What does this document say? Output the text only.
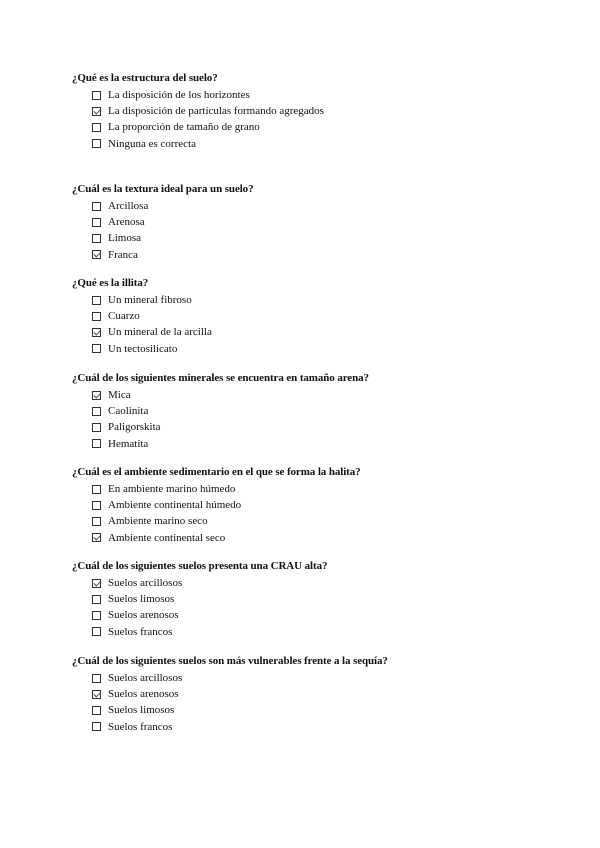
¿Qué es la estructura del suelo?

La disposición de los horizontes
La disposición de partículas formando agregados
La proporción de tamaño de grano
Ninguna es correcta

¿Cuál es la textura ideal para un suelo?

Arcillosa
Arenosa
Limosa
Franca

¿Qué es la illita?

Un mineral fibroso
Cuarzo
Un mineral de la arcilla
Un tectosilicato

¿Cuál de los siguientes minerales se encuentra en tamaño arena?

Mica
Caolinita
Paligorskita
Hematita

¿Cuál es el ambiente sedimentario en el que se forma la halita?

En ambiente marino húmedo
Ambiente continental húmedo
Ambiente marino seco
Ambiente continental seco

¿Cuál de los siguientes suelos presenta una CRAU alta?

Suelos arcillosos
Suelos limosos
Suelos arenosos
Suelos francos

¿Cuál de los siguientes suelos son más vulnerables frente a la sequía?

Suelos arcillosos
Suelos arenosos
Suelos limosos
Suelos francos
